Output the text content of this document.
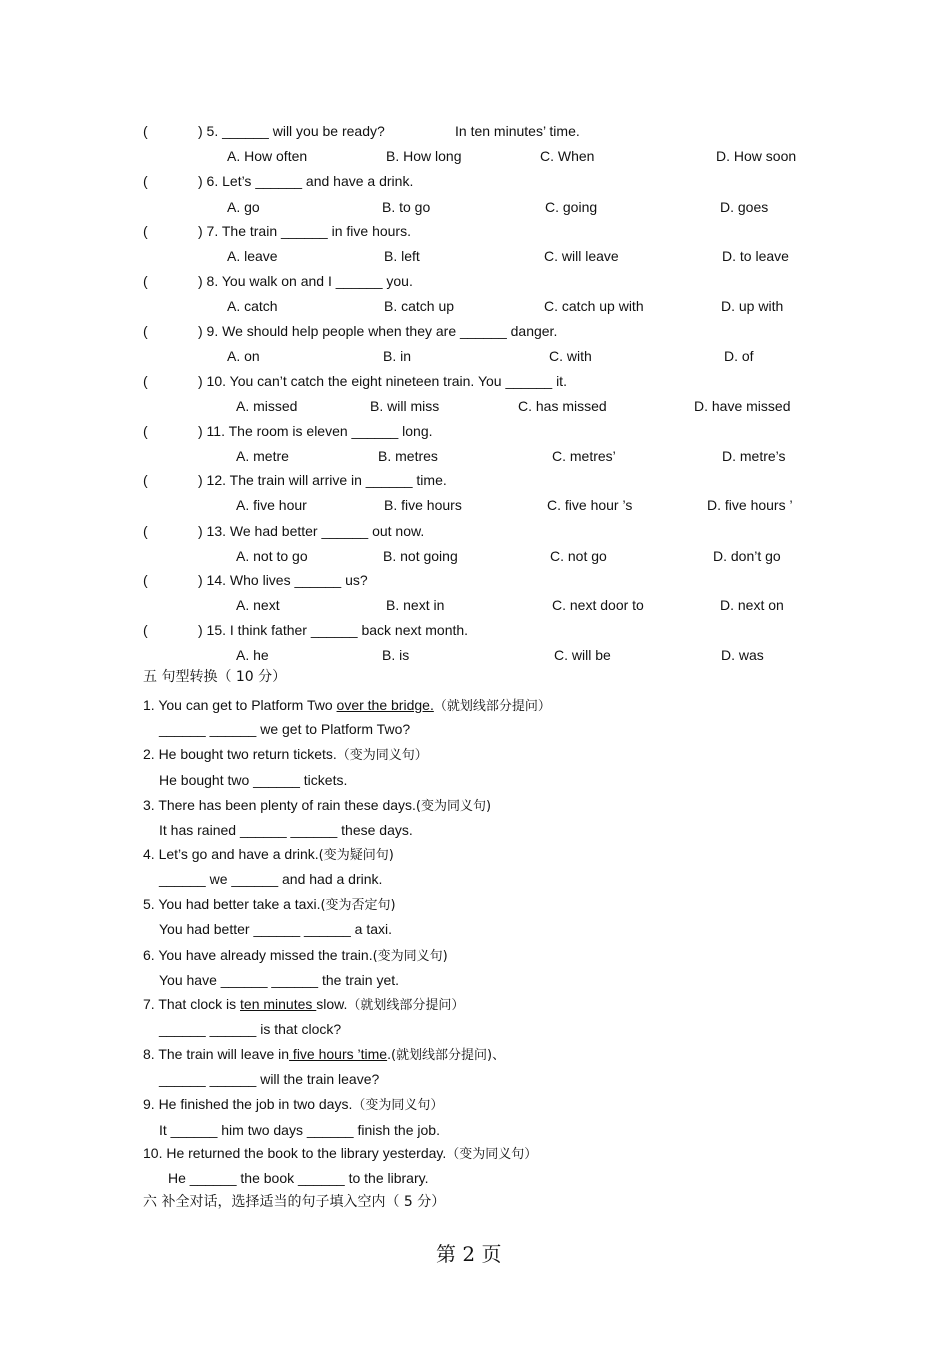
(	) 5. ______ will you be ready?	In ten minutes’ time.
A. How often	B. How long	C. When	D. How soon
(	) 6. Let’s ______ and have a drink.
A. go	B. to go	C. going	D. goes
(	) 7. The train ______ in five hours.
A. leave	B. left	C. will leave	D. to leave
(	) 8. You walk on and I ______ you.
A. catch	B. catch up	C. catch up with	D. up with
(	) 9. We should help people when they are ______ danger.
A. on	B. in	C. with	D. of
(	) 10. You can’t catch the eight nineteen train. You ______ it.
A. missed	B. will miss	C. has missed	D. have missed
(	) 11. The room is eleven ______ long.
A. metre	B. metres	C. metres’	D. metre’s
(	) 12. The train will arrive in ______ time.
A. five hour	B. five hours	C. five hour ’s	D. five hours ’
(	) 13. We had better ______ out now.
A. not to go	B. not going	C. not go	D. don’t go
(	) 14. Who lives ______ us?
A. next	B. next in	C. next door to	D. next on
(	) 15. I think father ______ back next month.
A. he	B. is	C. will be	D. was
五 句型转换（ 10 分）
1. You can get to Platform Two over the bridge.（就划线部分提问）
______ ______ we get to Platform Two?
2. He bought two return tickets.（变为同义句）
He bought two ______ tickets.
3. There has been plenty of rain these days.(变为同义句)
It has rained ______ ______ these days.
4. Let’s go and have a drink.(变为疑问句)
______ we ______ and had a drink.
5. You had better take a taxi.(变为否定句)
You had better ______ ______ a taxi.
6. You have already missed the train.(变为同义句)
You have ______ ______ the train yet.
7. That clock is ten minutes slow.（就划线部分提问）
______ ______ is that clock?
8. The train will leave in five hours ’time.(就划线部分提问)、
______ ______ will the train leave?
9. He finished the job in two days.（变为同义句）
It ______ him two days ______ finish the job.
10. He returned the book to the library yesterday.（变为同义句）
He ______ the book ______ to the library.
六 补全对话，选择适当的句子填入空内（ 5 分）
第 2 页
